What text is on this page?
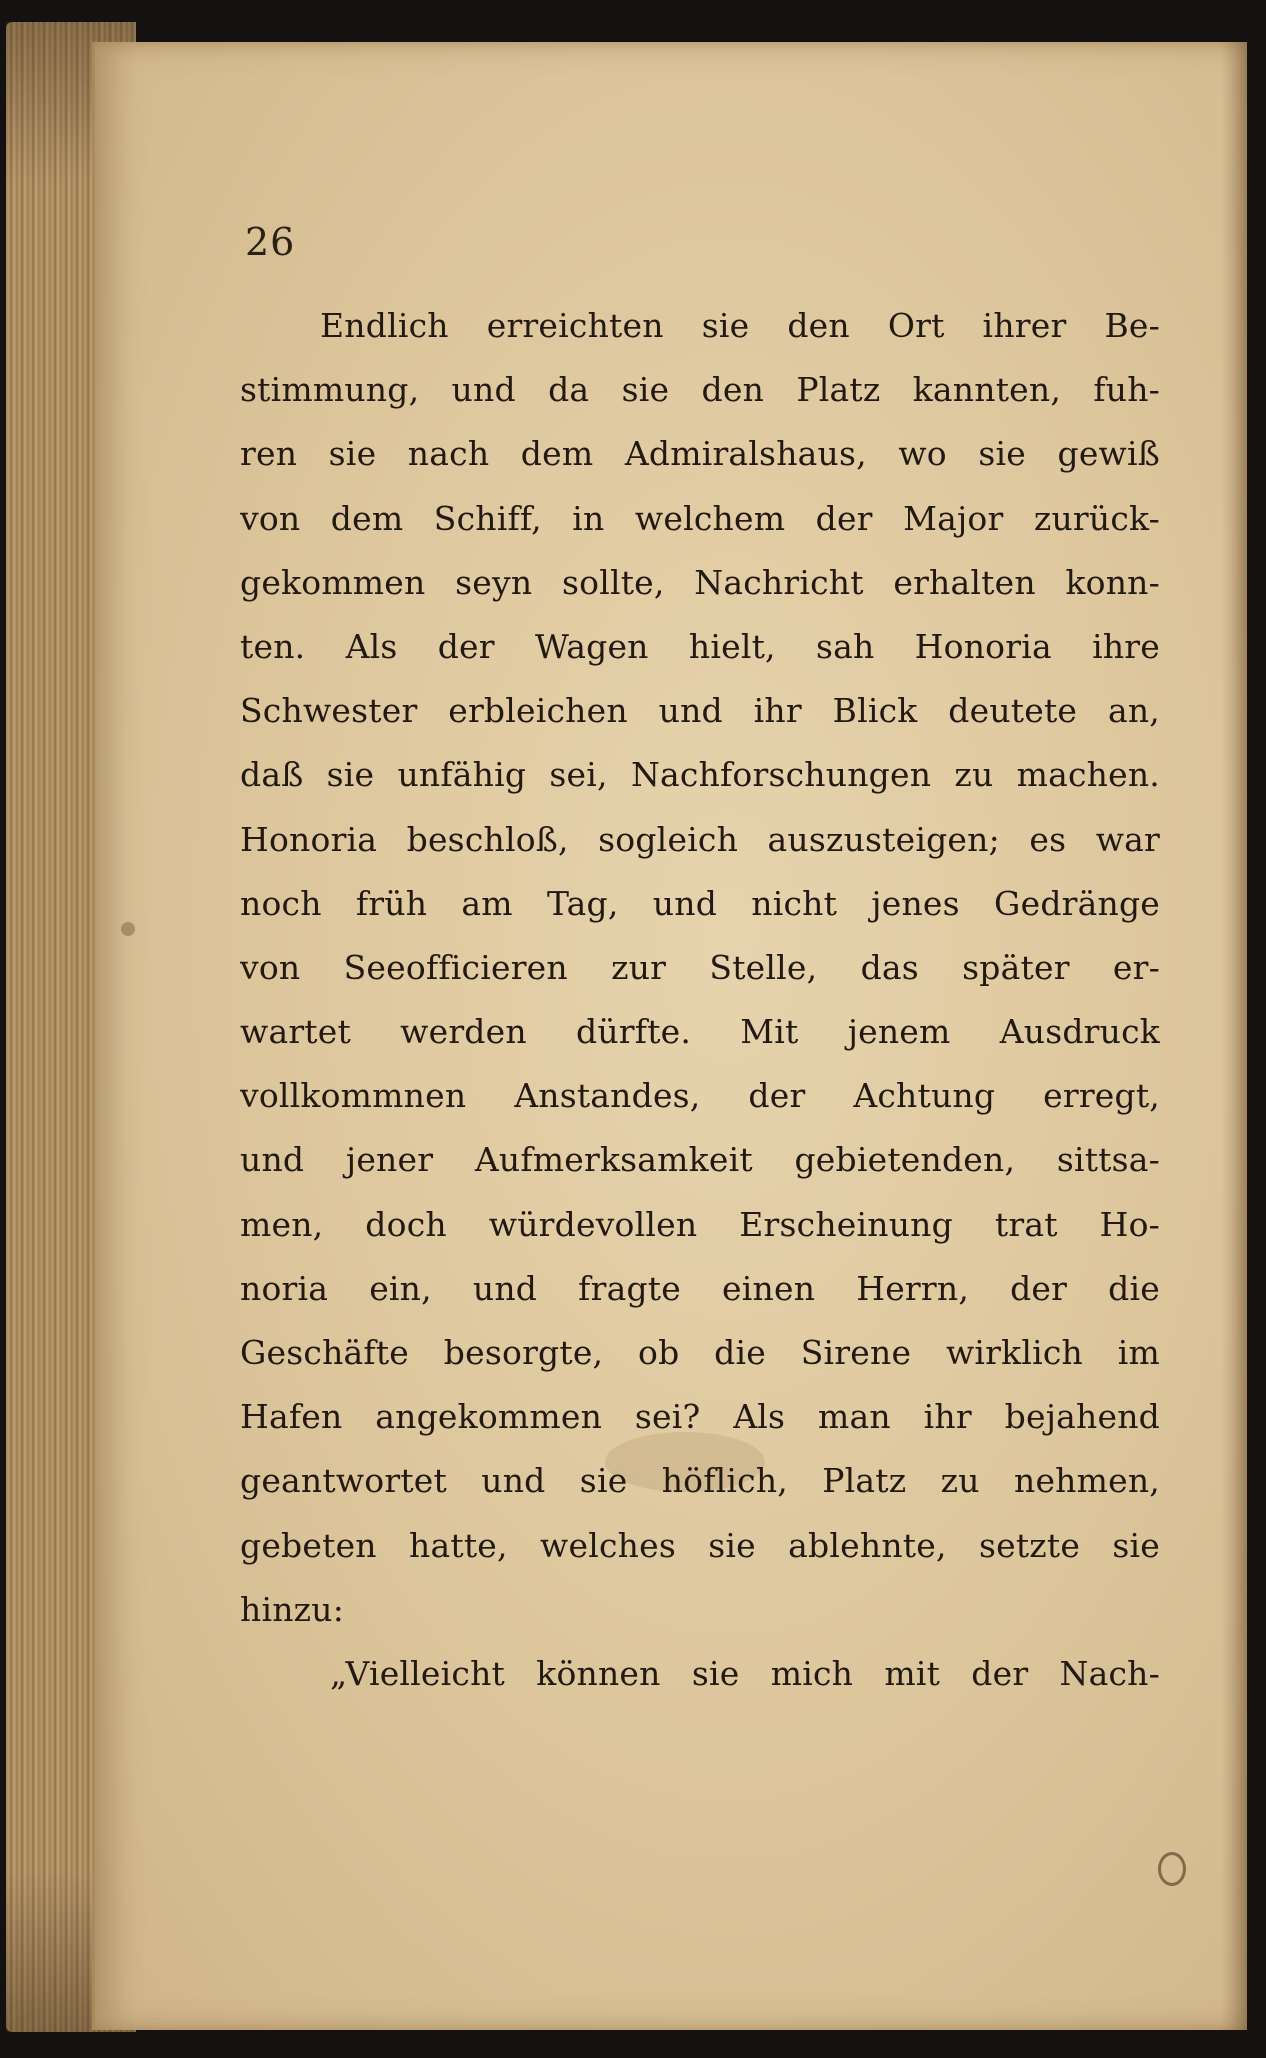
26
Endlich erreichten sie den Ort ihrer Be-
stimmung, und da sie den Platz kannten, fuh-
ren sie nach dem Admiralshaus, wo sie gewiß
von dem Schiff, in welchem der Major zurück-
gekommen seyn sollte, Nachricht erhalten konn-
ten. Als der Wagen hielt, sah Honoria ihre
Schwester erbleichen und ihr Blick deutete an,
daß sie unfähig sei, Nachforschungen zu machen.
Honoria beschloß, sogleich auszusteigen; es war
noch früh am Tag, und nicht jenes Gedränge
von Seeofficieren zur Stelle, das später er-
wartet werden dürfte. Mit jenem Ausdruck
vollkommnen Anstandes, der Achtung erregt,
und jener Aufmerksamkeit gebietenden, sittsa-
men, doch würdevollen Erscheinung trat Ho-
noria ein, und fragte einen Herrn, der die
Geschäfte besorgte, ob die Sirene wirklich im
Hafen angekommen sei? Als man ihr bejahend
geantwortet und sie höflich, Platz zu nehmen,
gebeten hatte, welches sie ablehnte, setzte sie
hinzu:
„Vielleicht können sie mich mit der Nach-
